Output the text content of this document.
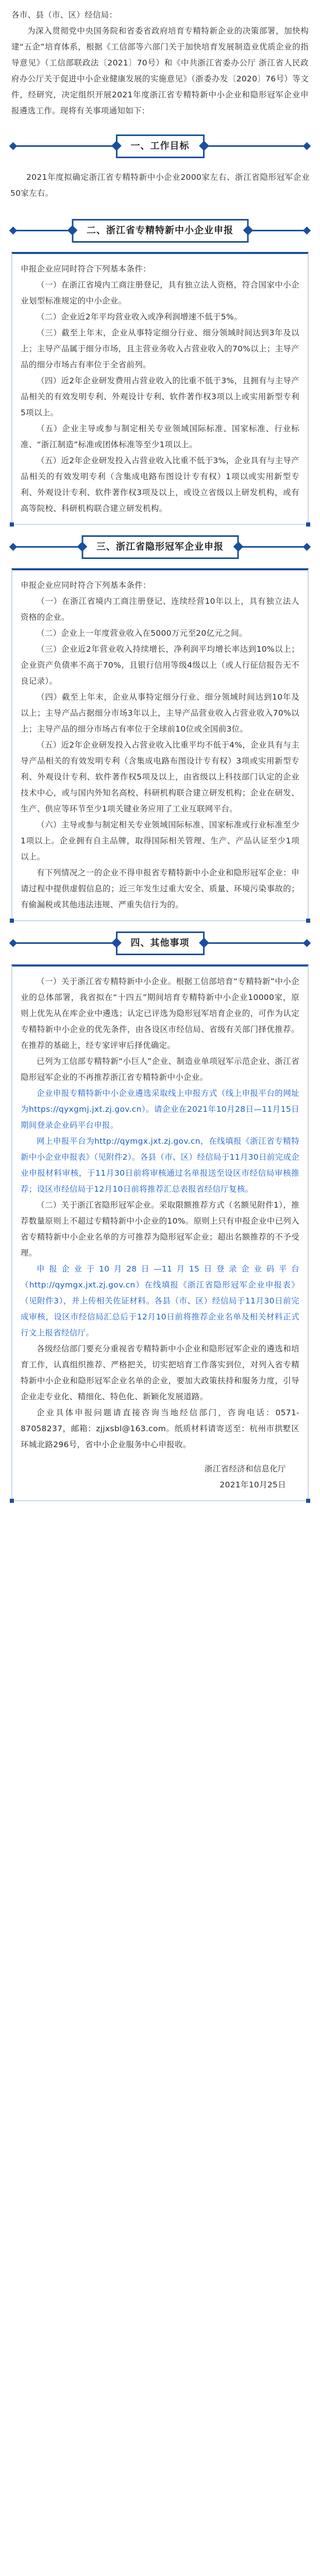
各市、县（市、区）经信局：

为深入贯彻党中央国务院和省委省政府培育专精特新企业的决策部署，加快构建“五企”培育体系，根据《工信部等六部门关于加快培育发展制造业优质企业的指导意见》（工信部联政法〔2021〕70号）和《中共浙江省委办公厅 浙江省人民政府办公厅关于促进中小企业健康发展的实施意见》（浙委办发〔2020〕76号）等文件，经研究，决定组织开展2021年度浙江省专精特新中小企业和隐形冠军企业申报遴选工作。现将有关事项通知如下：

一、工作目标

2021年度拟确定浙江省专精特新中小企业2000家左右、浙江省隐形冠军企业50家左右。

二、浙江省专精特新中小企业申报

申报企业应同时符合下列基本条件：

（一）在浙江省境内工商注册登记，具有独立法人资格，符合国家中小企业划型标准规定的中小企业。

（二）企业近2年平均营业收入或净利润增速不低于5%。

（三）截至上年末，企业从事特定细分行业、细分领域时间达到3年及以上；主导产品属于细分市场，且主营业务收入占营业收入的70%以上；主导产品的细分市场占有率位于全省前列。

（四）近2年企业研发费用占营业收入的比重不低于3%，且拥有与主导产品相关的有效发明专利、外观设计专利、软件著作权3项以上或实用新型专利5项以上。

（五）企业主导或参与制定相关专业领域国际标准、国家标准、行业标准、“浙江制造”标准或团体标准等至少1项以上。

（五）近2年企业研发投入占营业收入比重不低于3%，企业具有与主导产品相关的有效发明专利（含集成电路布图设计专有权）1项以或实用新型专利、外观设计专利、软件著作权3项及以上，或设立省级以上研发机构，或有高等院校、科研机构联合建立研发机构。

三、浙江省隐形冠军企业申报

申报企业应同时符合下列基本条件：

（一）在浙江省境内工商注册登记、连续经营10年以上，具有独立法人资格的企业。

（二）企业上一年度营业收入在5000万元至20亿元之间。

（三）企业近2年营业收入持续增长，净利润平均增长率达到10%以上；企业资产负债率不高于70%，且银行信用等级4级以上（或人行征信报告无不良记录）。

（四）截至上年末，企业从事特定细分行业、细分领域时间达到10年及以上；主导产品占据细分市场3年以上，主导产品营业收入占营业收入70%以上；主导产品的细分市场占有率位于全球前10位或全国前3位。

（五）近2年企业研发投入占营业收入比重平均不低于4%，企业具有与主导产品相关的有效发明专利（含集成电路布图设计专有权）3项或实用新型专利、外观设计专利、软件著作权5项及以上，由省级以上科技部门认定的企业技术中心，或与国内外知名高校、科研机构联合建立研发机构；企业在研发、生产、供应等环节至少1项关键业务应用了工业互联网平台。

（六）主导或参与制定相关专业领域国际标准、国家标准或行业标准至少1项以上。企业拥有自主品牌，取得国际相关管理、生产、产品认证至少1项以上。

有下列情况之一的企业不得申报省专精特新中小企业和隐形冠军企业：申请过程中提供虚假信息的；近三年发生过重大安全、质量、环境污染事故的；有偷漏税或其他违法违规、严重失信行为的。

四、其他事项

（一）关于浙江省专精特新中小企业。根据工信部培育“专精特新”中小企业的总体部署，我省拟在“十四五”期间培育专精特新中小企业10000家，原则上优先从在库企业中遴选；认定已评选为隐形冠军培育企业的，可作为认定专精特新中小企业的优先条件，由各设区市经信局、省级有关部门择优推荐。在推荐的基础上，经专家评审后择优确定。

已列为工信部专精特新“小巨人”企业、制造业单项冠军示范企业、浙江省隐形冠军企业的不再推荐浙江省专精特新中小企业。

企业申报专精特新中小企业遴选采取线上申报方式（线上申报平台的网址为https://qyxgmj.jxt.zj.gov.cn）。请企业在2021年10月28日—11月15日期间登录企业码平台申报。

网上申报平台为http://qymgx.jxt.zj.gov.cn，在线填报《浙江省专精特新中小企业申报表》（见附件2）。各县（市、区）经信局于11月30日前完成企业申报材料审核，于11月30日前将审核通过名单报送至设区市经信局审核推荐；设区市经信局于12月10日前将推荐汇总表报省经信厅复核。

（二）关于浙江省隐形冠军企业。采取限额推荐方式（名额见附件1），推荐数量原则上不超过专精特新中小企业的10%。原则上只有申报企业中已列入省专精特新中小企业名单的方可推荐为隐形冠军企业；超出名额推荐的不予受理。

申报企业于10月28日—11月15日登录企业码平台（http://qymgx.jxt.zj.gov.cn）在线填报《浙江省隐形冠军企业申报表》（见附件3），并上传相关佐证材料。各县（市、区）经信局于11月30日前完成审核，设区市经信局汇总后于12月10日前将推荐企业名单及相关材料正式行文上报省经信厅。

各级经信部门要充分重视省专精特新中小企业和隐形冠军企业的遴选和培育工作，认真组织推荐、严格把关，切实把培育工作落实到位，对列入省专精特新中小企业和隐形冠军企业名单的企业，要加大政策扶持和服务力度，引导企业走专业化、精细化、特色化、新颖化发展道路。

企业具体申报问题请直接咨询当地经信部门，咨询电话：0571-87058237，邮箱：zjjxsbl@163.com。纸质材料请寄送至：杭州市拱墅区环城北路296号，省中小企业服务中心申报收。

浙江省经济和信息化厅
2021年10月25日
